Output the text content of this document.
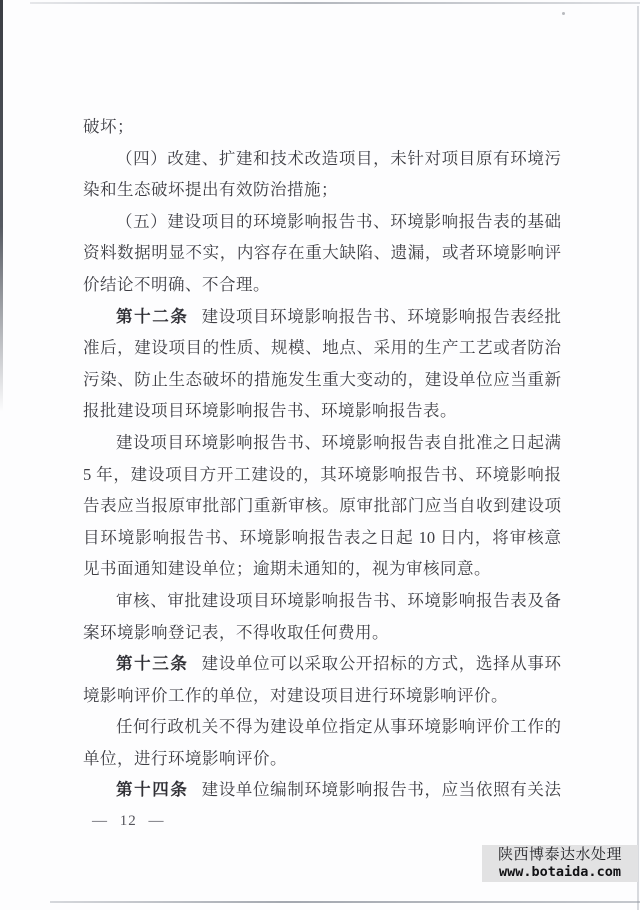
破坏；
（四）改建、扩建和技术改造项目，未针对项目原有环境污
染和生态破坏提出有效防治措施；
（五）建设项目的环境影响报告书、环境影响报告表的基础
资料数据明显不实，内容存在重大缺陷、遗漏，或者环境影响评
价结论不明确、不合理。
第十二条 建设项目环境影响报告书、环境影响报告表经批
准后，建设项目的性质、规模、地点、采用的生产工艺或者防治
污染、防止生态破坏的措施发生重大变动的，建设单位应当重新
报批建设项目环境影响报告书、环境影响报告表。
建设项目环境影响报告书、环境影响报告表自批准之日起满
5 年，建设项目方开工建设的，其环境影响报告书、环境影响报
告表应当报原审批部门重新审核。原审批部门应当自收到建设项
目环境影响报告书、环境影响报告表之日起 10 日内，将审核意
见书面通知建设单位；逾期未通知的，视为审核同意。
审核、审批建设项目环境影响报告书、环境影响报告表及备
案环境影响登记表，不得收取任何费用。
第十三条 建设单位可以采取公开招标的方式，选择从事环
境影响评价工作的单位，对建设项目进行环境影响评价。
任何行政机关不得为建设单位指定从事环境影响评价工作的
单位，进行环境影响评价。
第十四条 建设单位编制环境影响报告书，应当依照有关法
— 12 —
陕西博泰达水处理
www.botaida.com
